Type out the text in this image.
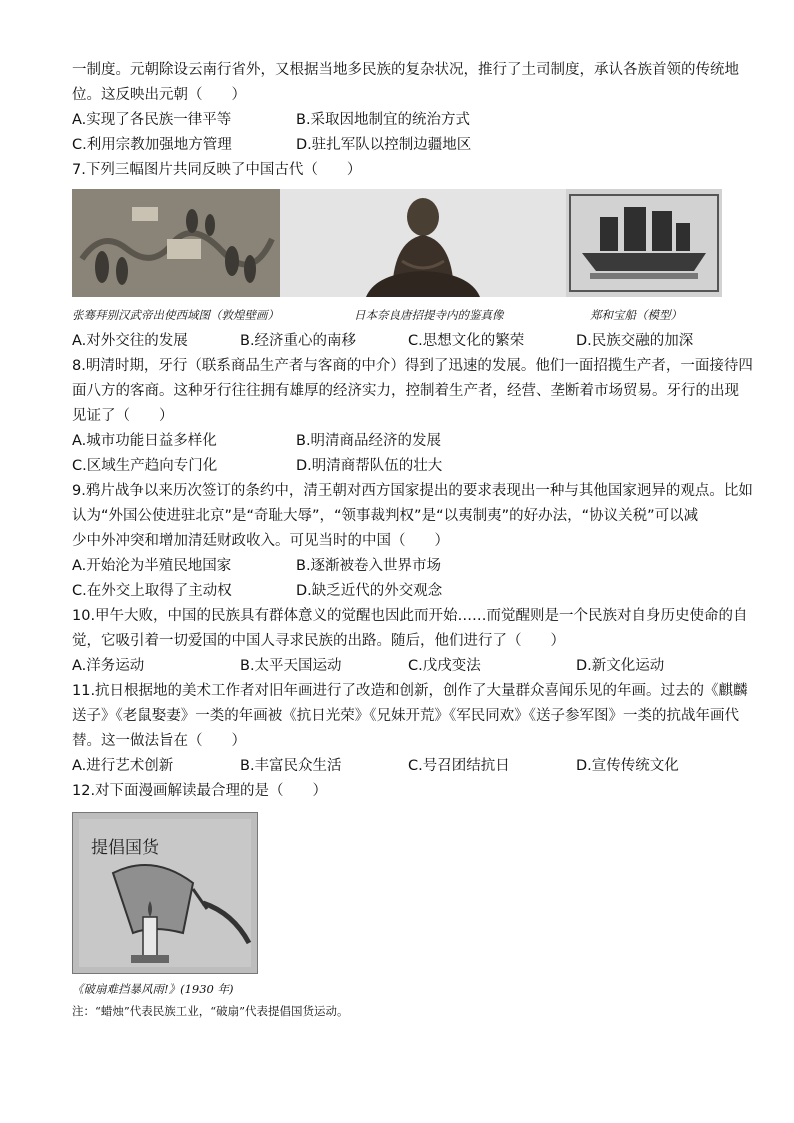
一制度。元朝除设云南行省外，又根据当地多民族的复杂状况，推行了土司制度，承认各族首领的传统地
位。这反映出元朝（　　）
A.实现了各民族一律平等	B.采取因地制宜的统治方式
C.利用宗教加强地方管理	D.驻扎军队以控制边疆地区
7.下列三幅图片共同反映了中国古代（　　）
张骞拜别汉武帝出使西域图（敦煌壁画）	日本奈良唐招提寺内的鉴真像	郑和宝船（模型）
A.对外交往的发展	B.经济重心的南移	C.思想文化的繁荣	D.民族交融的加深
8.明清时期，牙行（联系商品生产者与客商的中介）得到了迅速的发展。他们一面招揽生产者，一面接待四
面八方的客商。这种牙行往往拥有雄厚的经济实力，控制着生产者，经营、垄断着市场贸易。牙行的出现
见证了（　　）
A.城市功能日益多样化	B.明清商品经济的发展
C.区域生产趋向专门化	D.明清商帮队伍的壮大
9.鸦片战争以来历次签订的条约中，清王朝对西方国家提出的要求表现出一种与其他国家迥异的观点。比如
认为“外国公使进驻北京”是“奇耻大辱”，“领事裁判权”是“以夷制夷”的好办法，“协议关税”可以减
少中外冲突和增加清廷财政收入。可见当时的中国（　　）
A.开始沦为半殖民地国家	B.逐渐被卷入世界市场
C.在外交上取得了主动权	D.缺乏近代的外交观念
10.甲午大败，中国的民族具有群体意义的觉醒也因此而开始……而觉醒则是一个民族对自身历史使命的自
觉，它吸引着一切爱国的中国人寻求民族的出路。随后，他们进行了（　　）
A.洋务运动	B.太平天国运动	C.戊戌变法	D.新文化运动
11.抗日根据地的美术工作者对旧年画进行了改造和创新，创作了大量群众喜闻乐见的年画。过去的《麒麟
送子》《老鼠娶妻》一类的年画被《抗日光荣》《兄妹开荒》《军民同欢》《送子参军图》一类的抗战年画代
替。这一做法旨在（　　）
A.进行艺术创新	B.丰富民众生活	C.号召团结抗日	D.宣传传统文化
12.对下面漫画解读最合理的是（　　）
提倡国货
《破扇难挡暴风雨!》(1930 年)
注：“蜡烛”代表民族工业，“破扇”代表提倡国货运动。
